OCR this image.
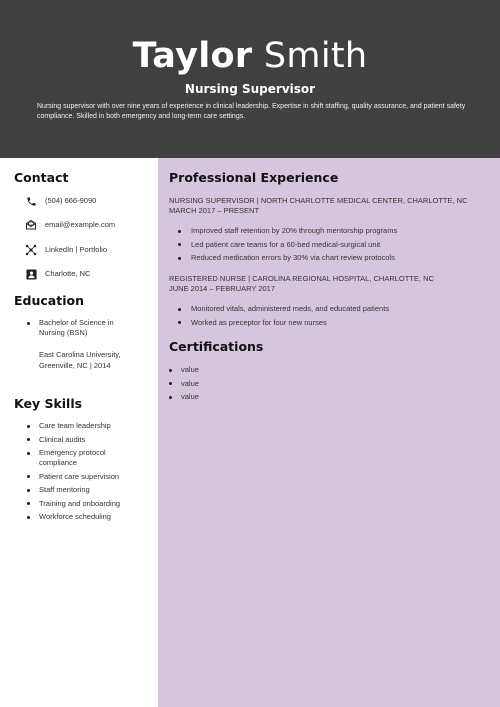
Taylor Smith
Nursing Supervisor
Nursing supervisor with over nine years of experience in clinical leadership. Expertise in shift staffing, quality assurance, and patient safety compliance. Skilled in both emergency and long-term care settings.
Contact
(504) 666-9090
email@example.com
LinkedIn | Portfolio
Charlotte, NC
Education
Bachelor of Science in Nursing (BSN)
East Carolina University, Greenville, NC | 2014
Key Skills
Care team leadership
Clinical audits
Emergency protocol compliance
Patient care supervision
Staff mentoring
Training and onboarding
Workforce scheduling
Professional Experience
NURSING SUPERVISOR | NORTH CHARLOTTE MEDICAL CENTER, CHARLOTTE, NC
MARCH 2017 – PRESENT
Improved staff retention by 20% through mentorship programs
Led patient care teams for a 60-bed medical-surgical unit
Reduced medication errors by 30% via chart review protocols
REGISTERED NURSE | CAROLINA REGIONAL HOSPITAL, CHARLOTTE, NC
JUNE 2014 – FEBRUARY 2017
Monitored vitals, administered meds, and educated patients
Worked as preceptor for four new nurses
Certifications
value
value
value
